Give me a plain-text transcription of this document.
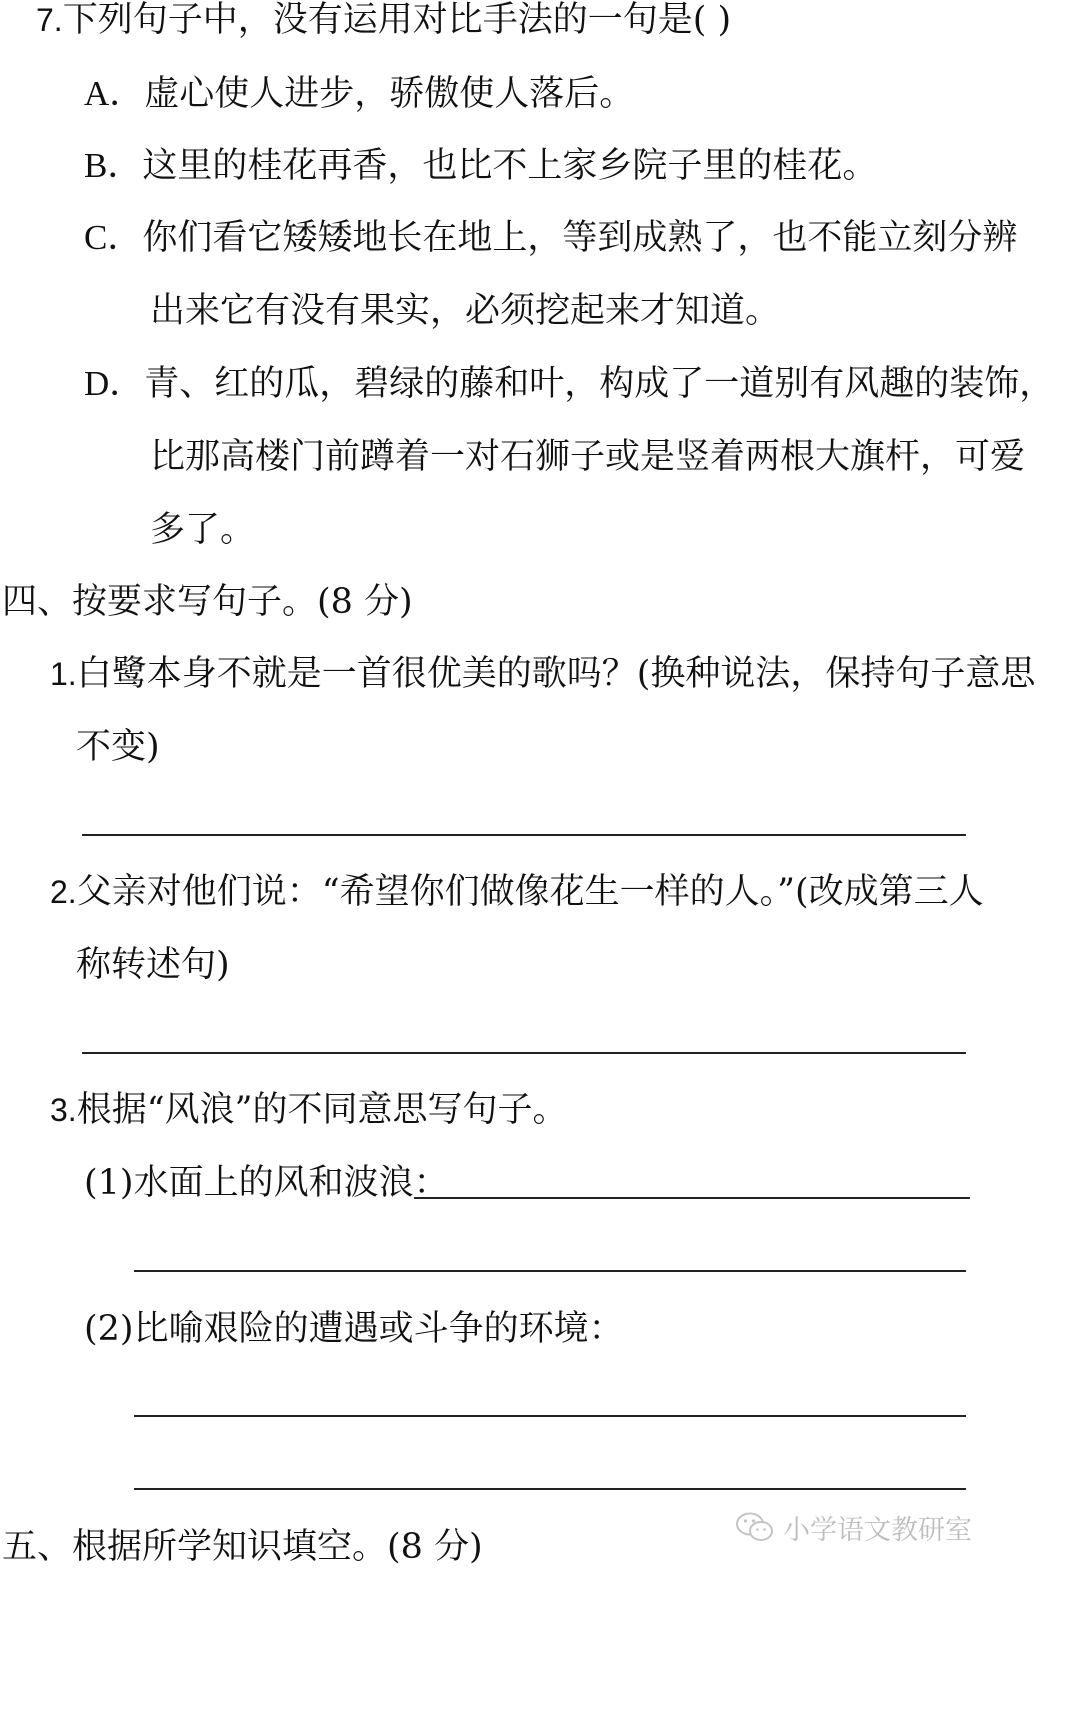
7.下列句子中，没有运用对比手法的一句是( )
A．虚心使人进步，骄傲使人落后。
B．这里的桂花再香，也比不上家乡院子里的桂花。
C．你们看它矮矮地长在地上，等到成熟了，也不能立刻分辨
出来它有没有果实，必须挖起来才知道。
D．青、红的瓜，碧绿的藤和叶，构成了一道别有风趣的装饰，
比那高楼门前蹲着一对石狮子或是竖着两根大旗杆，可爱
多了。
四、按要求写句子。(8 分)
1.白鹭本身不就是一首很优美的歌吗？(换种说法，保持句子意思
不变)
2.父亲对他们说：“希望你们做像花生一样的人。”(改成第三人
称转述句)
3.根据“风浪”的不同意思写句子。
(1)水面上的风和波浪：
(2)比喻艰险的遭遇或斗争的环境：
五、根据所学知识填空。(8 分)	小学语文教研室
